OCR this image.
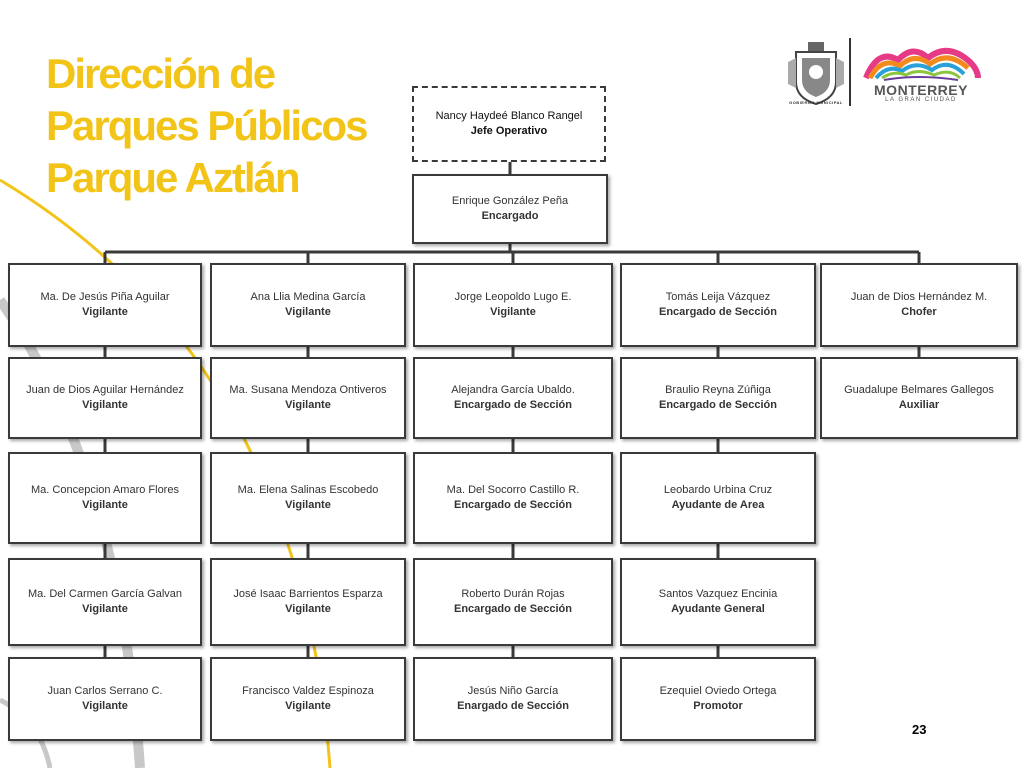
Dirección de
Parques Públicos
Parque Aztlán
GOBIERNO MUNICIPAL
MONTERREY
LA GRAN CIUDAD
Nancy Haydeé Blanco Rangel
Jefe Operativo
Enrique González Peña
Encargado
Ma. De Jesús Piña Aguilar
Vigilante
Juan de Dios Aguilar Hernández
Vigilante
Ma. Concepcion Amaro Flores
Vigilante
Ma. Del Carmen García Galvan
Vigilante
Juan Carlos Serrano C.
Vigilante
Ana Llia Medina García
Vigilante
Ma. Susana Mendoza Ontiveros
Vigilante
Ma. Elena Salinas Escobedo
Vigilante
José Isaac Barrientos Esparza
Vigilante
Francisco Valdez Espinoza
Vigilante
Jorge Leopoldo Lugo E.
Vigilante
Alejandra García Ubaldo.
Encargado de Sección
Ma. Del Socorro Castillo R.
Encargado de Sección
Roberto Durán Rojas
Encargado de Sección
Jesús Niño García
Enargado de Sección
Tomás Leija Vázquez
Encargado de Sección
Braulio Reyna Zúñiga
Encargado de Sección
Leobardo Urbina Cruz
Ayudante de Area
Santos Vazquez Encinia
Ayudante General
Ezequiel Oviedo Ortega
Promotor
Juan de Dios Hernández M.
Chofer
Guadalupe Belmares Gallegos
Auxiliar
23
